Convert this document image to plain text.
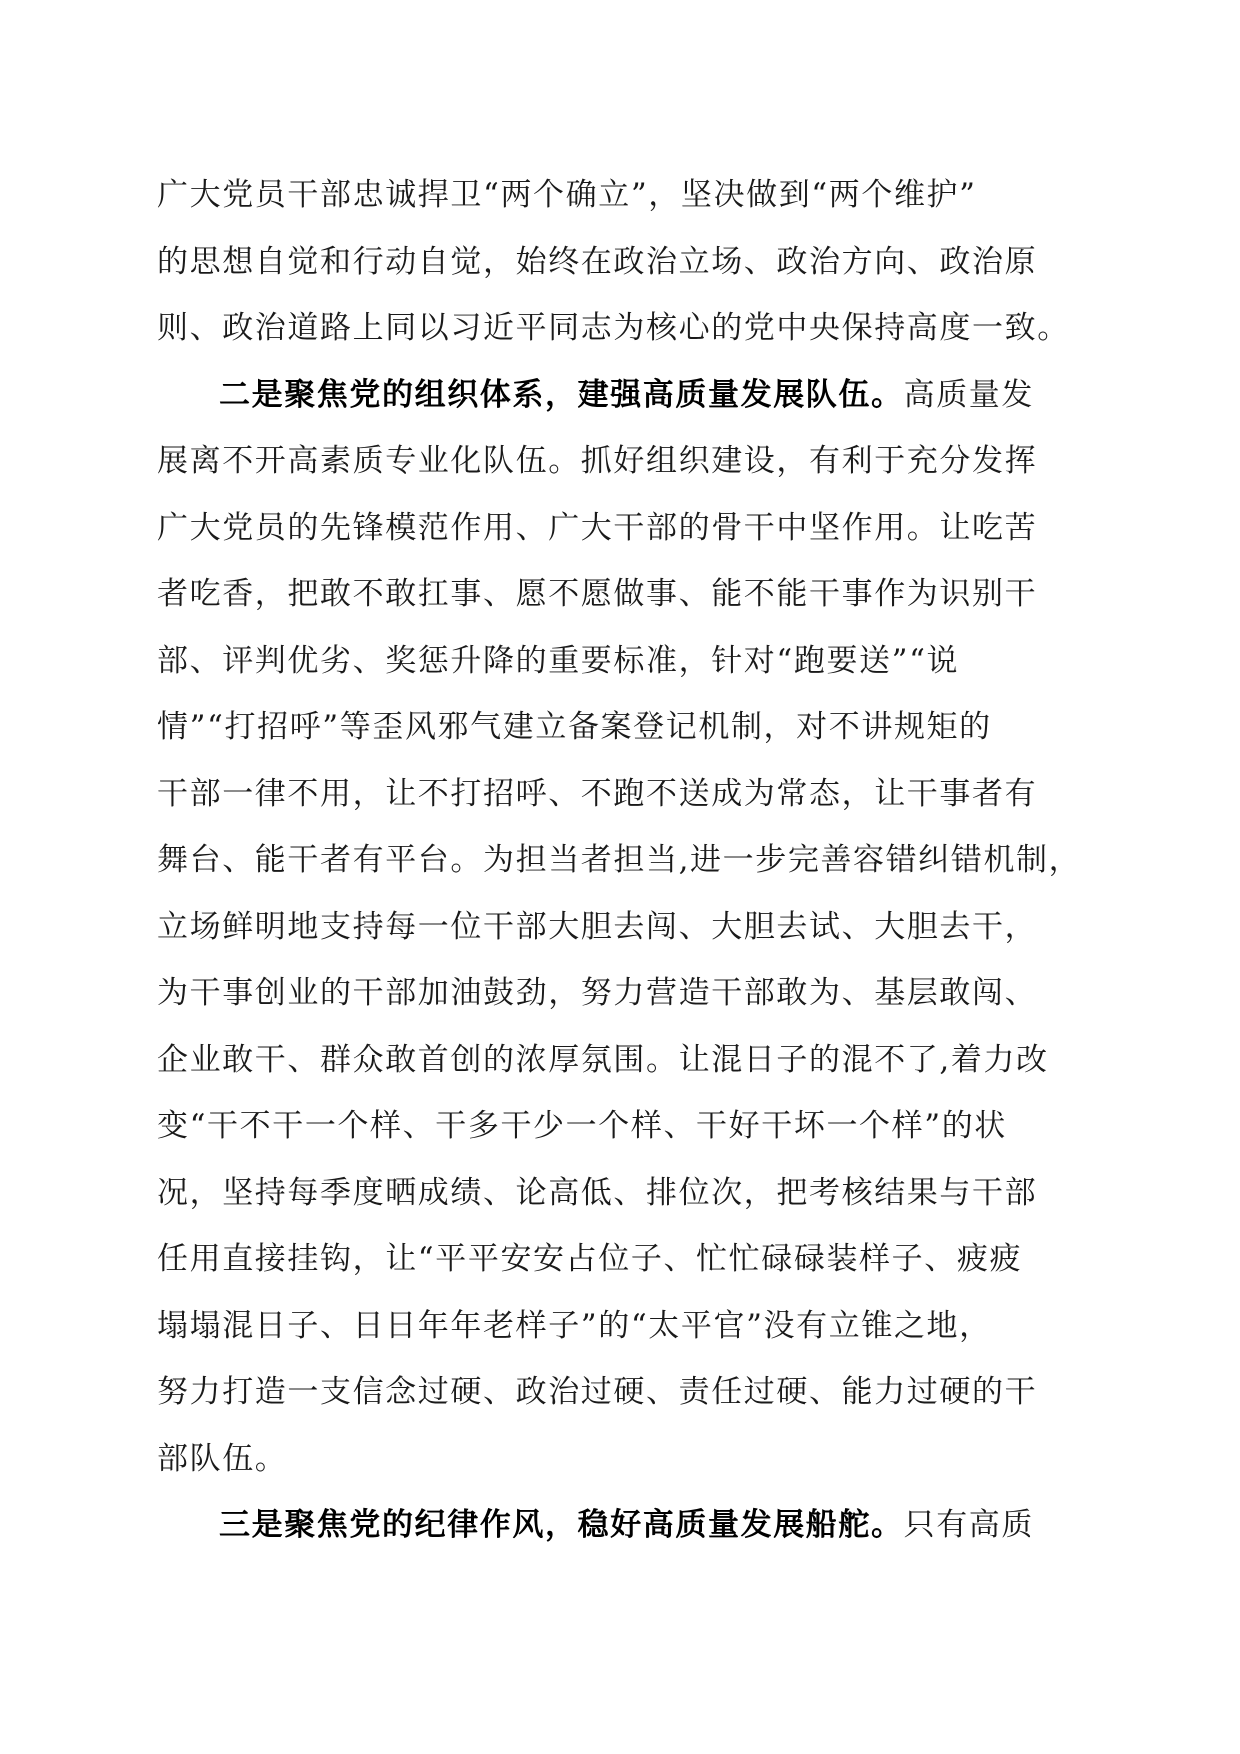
广大党员干部忠诚捍卫“两个确立”，坚决做到“两个维护”
的思想自觉和行动自觉，始终在政治立场、政治方向、政治原
则、政治道路上同以习近平同志为核心的党中央保持高度一致。
二是聚焦党的组织体系，建强高质量发展队伍。高质量发
展离不开高素质专业化队伍。抓好组织建设，有利于充分发挥
广大党员的先锋模范作用、广大干部的骨干中坚作用。让吃苦
者吃香，把敢不敢扛事、愿不愿做事、能不能干事作为识别干
部、评判优劣、奖惩升降的重要标准，针对“跑要送”“说
情”“打招呼”等歪风邪气建立备案登记机制，对不讲规矩的
干部一律不用，让不打招呼、不跑不送成为常态，让干事者有
舞台、能干者有平台。为担当者担当,进一步完善容错纠错机制，
立场鲜明地支持每一位干部大胆去闯、大胆去试、大胆去干，
为干事创业的干部加油鼓劲，努力营造干部敢为、基层敢闯、
企业敢干、群众敢首创的浓厚氛围。让混日子的混不了,着力改
变“干不干一个样、干多干少一个样、干好干坏一个样”的状
况，坚持每季度晒成绩、论高低、排位次，把考核结果与干部
任用直接挂钩，让“平平安安占位子、忙忙碌碌装样子、疲疲
塌塌混日子、日日年年老样子”的“太平官”没有立锥之地，
努力打造一支信念过硬、政治过硬、责任过硬、能力过硬的干
部队伍。
三是聚焦党的纪律作风，稳好高质量发展船舵。只有高质
